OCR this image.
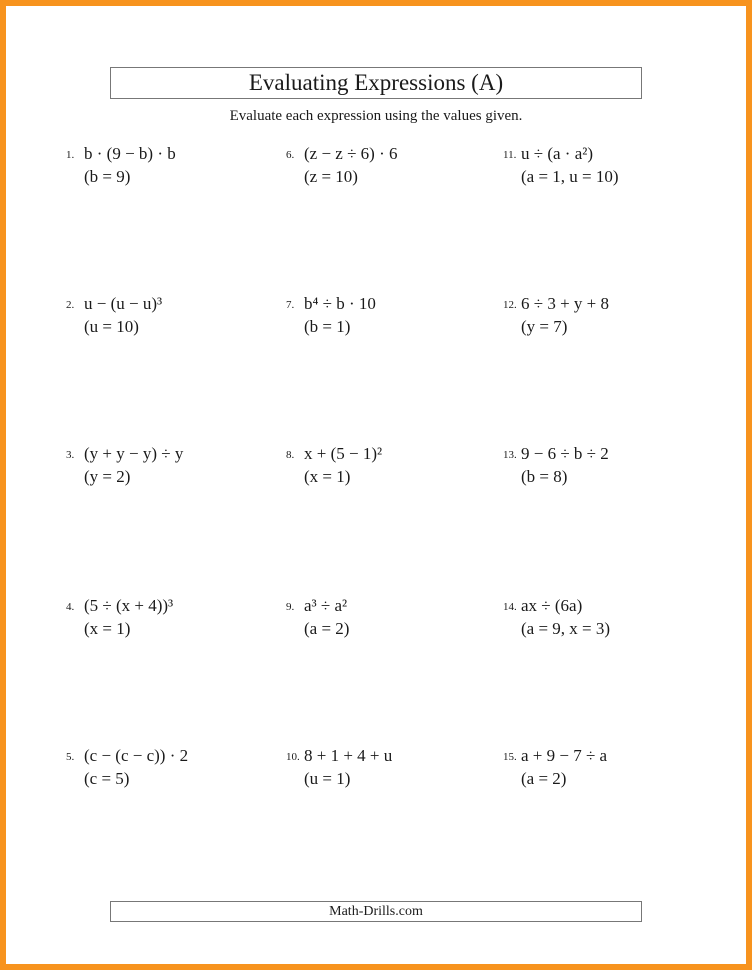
Evaluating Expressions (A)
Evaluate each expression using the values given.
1. b · (9 − b) · b
(b = 9)
2. u − (u − u)³
(u = 10)
3. (y + y − y) ÷ y
(y = 2)
4. (5 ÷ (x + 4))³
(x = 1)
5. (c − (c − c)) · 2
(c = 5)
6. (z − z ÷ 6) · 6
(z = 10)
7. b⁴ ÷ b · 10
(b = 1)
8. x + (5 − 1)²
(x = 1)
9. a³ ÷ a²
(a = 2)
10. 8 + 1 + 4 + u
(u = 1)
11. u ÷ (a · a²)
(a = 1, u = 10)
12. 6 ÷ 3 + y + 8
(y = 7)
13. 9 − 6 ÷ b ÷ 2
(b = 8)
14. ax ÷ (6a)
(a = 9, x = 3)
15. a + 9 − 7 ÷ a
(a = 2)
Math-Drills.com
